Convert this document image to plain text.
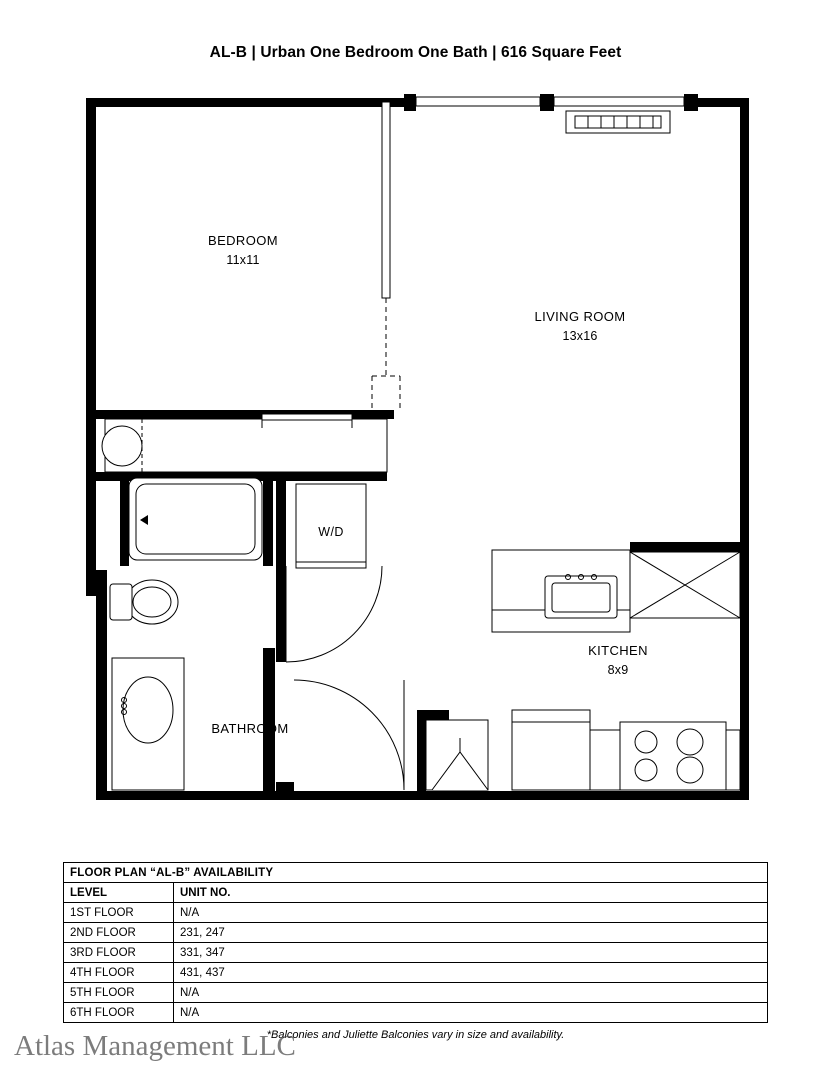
AL-B | Urban One Bedroom One Bath | 616 Square Feet
BEDROOM
11x11
LIVING ROOM
13x16
KITCHEN
8x9
BATHROOM
W/D
FLOOR PLAN “AL-B” AVAILABILITY	
LEVEL	UNIT NO.
1ST FLOOR	N/A
2ND FLOOR	231, 247
3RD FLOOR	331, 347
4TH FLOOR	431, 437
5TH FLOOR	N/A
6TH FLOOR	N/A
*Balconies and Juliette Balconies vary in size and availability.
Atlas Management LLC
